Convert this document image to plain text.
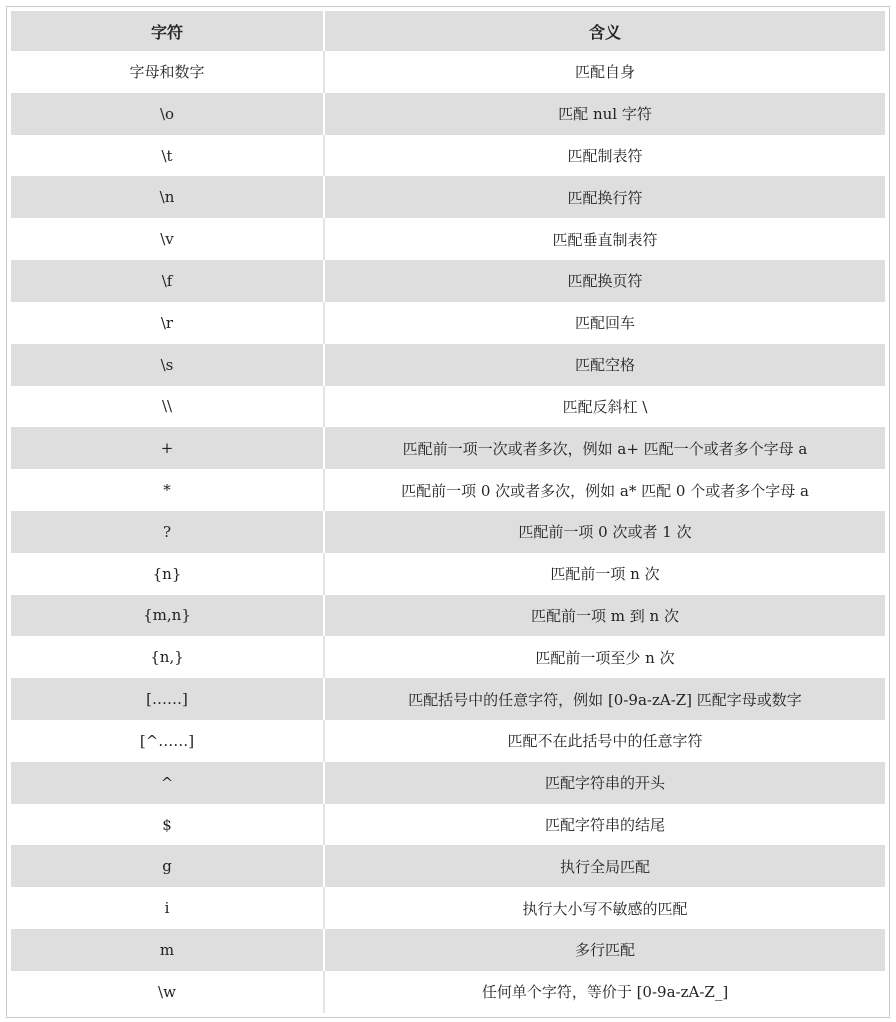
字符	含义
字母和数字	匹配自身
\o	匹配 nul 字符
\t	匹配制表符
\n	匹配换行符
\v	匹配垂直制表符
\f	匹配换页符
\r	匹配回车
\s	匹配空格
\\	匹配反斜杠 \
+	匹配前一项一次或者多次，例如 a+ 匹配一个或者多个字母 a
*	匹配前一项 0 次或者多次，例如 a* 匹配 0 个或者多个字母 a
?	匹配前一项 0 次或者 1 次
{n}	匹配前一项 n 次
{m,n}	匹配前一项 m 到 n 次
{n,}	匹配前一项至少 n 次
[……]	匹配括号中的任意字符，例如 [0-9a-zA-Z] 匹配字母或数字
[^……]	匹配不在此括号中的任意字符
^	匹配字符串的开头
$	匹配字符串的结尾
g	执行全局匹配
i	执行大小写不敏感的匹配
m	多行匹配
\w	任何单个字符，等价于 [0-9a-zA-Z_]
